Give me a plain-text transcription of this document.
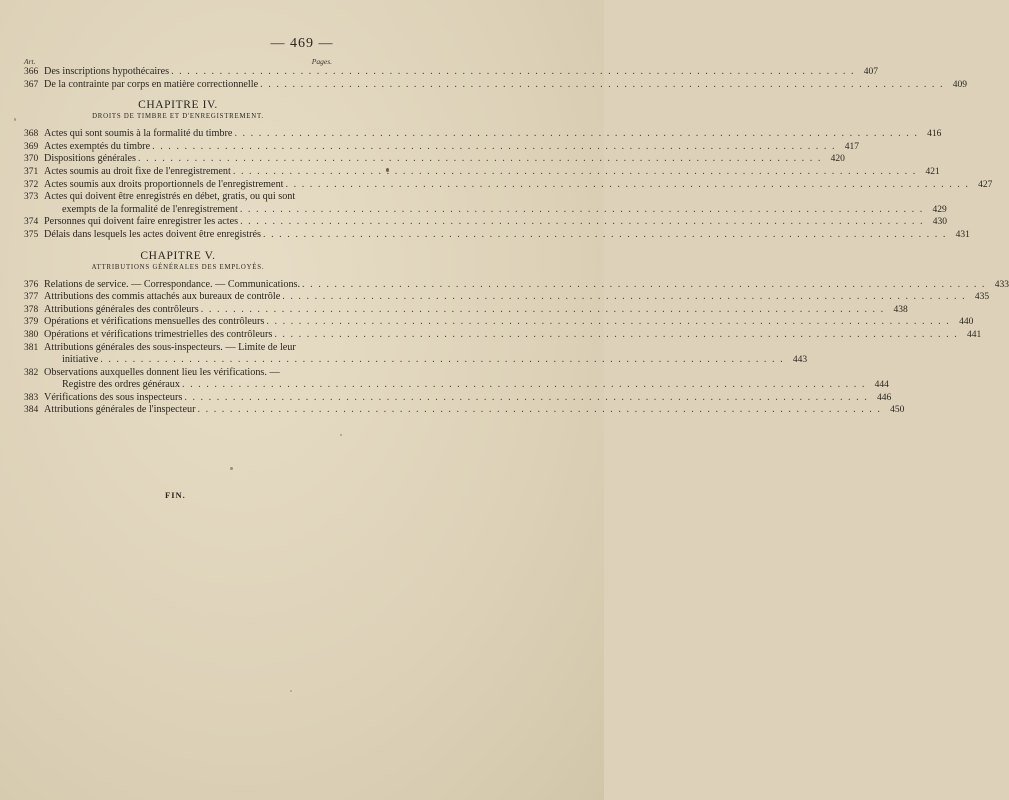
— 469 —
Art.	Pages.
366 Des inscriptions hypothécaires . . .	407
367 De la contrainte par corps en matière correctionnelle . . .	409
CHAPITRE IV.
DROITS DE TIMBRE ET D'ENREGISTREMENT.
368 Actes qui sont soumis à la formalité du timbre . . .	416
369 Actes exemptés du timbre . . .	417
370 Dispositions générales . . .	420
371 Actes soumis au droit fixe de l'enregistrement . . .	421
372 Actes soumis aux droits proportionnels de l'enregistrement . . .	427
373 Actes qui doivent être enregistrés en débet, gratis, ou qui sont
exempts de la formalité de l'enregistrement . . .	429
374 Personnes qui doivent faire enregistrer les actes . . .	430
375 Délais dans lesquels les actes doivent être enregistrés . . .	431
CHAPITRE V.
ATTRIBUTIONS GÉNÉRALES DES EMPLOYÉS.
376 Relations de service. — Correspondance. — Communications. . . .	433
377 Attributions des commis attachés aux bureaux de contrôle . . .	435
378 Attributions générales des contrôleurs . . .	438
379 Opérations et vérifications mensuelles des contrôleurs . . .	440
380 Opérations et vérifications trimestrielles des contrôleurs . . .	441
381 Attributions générales des sous-inspecteurs. — Limite de leur
initiative . . .	443
382 Observations auxquelles donnent lieu les vérifications. —
Registre des ordres généraux . . .	444
383 Vérifications des sous inspecteurs . . .	446
384 Attributions générales de l'inspecteur . . .	450
FIN.
